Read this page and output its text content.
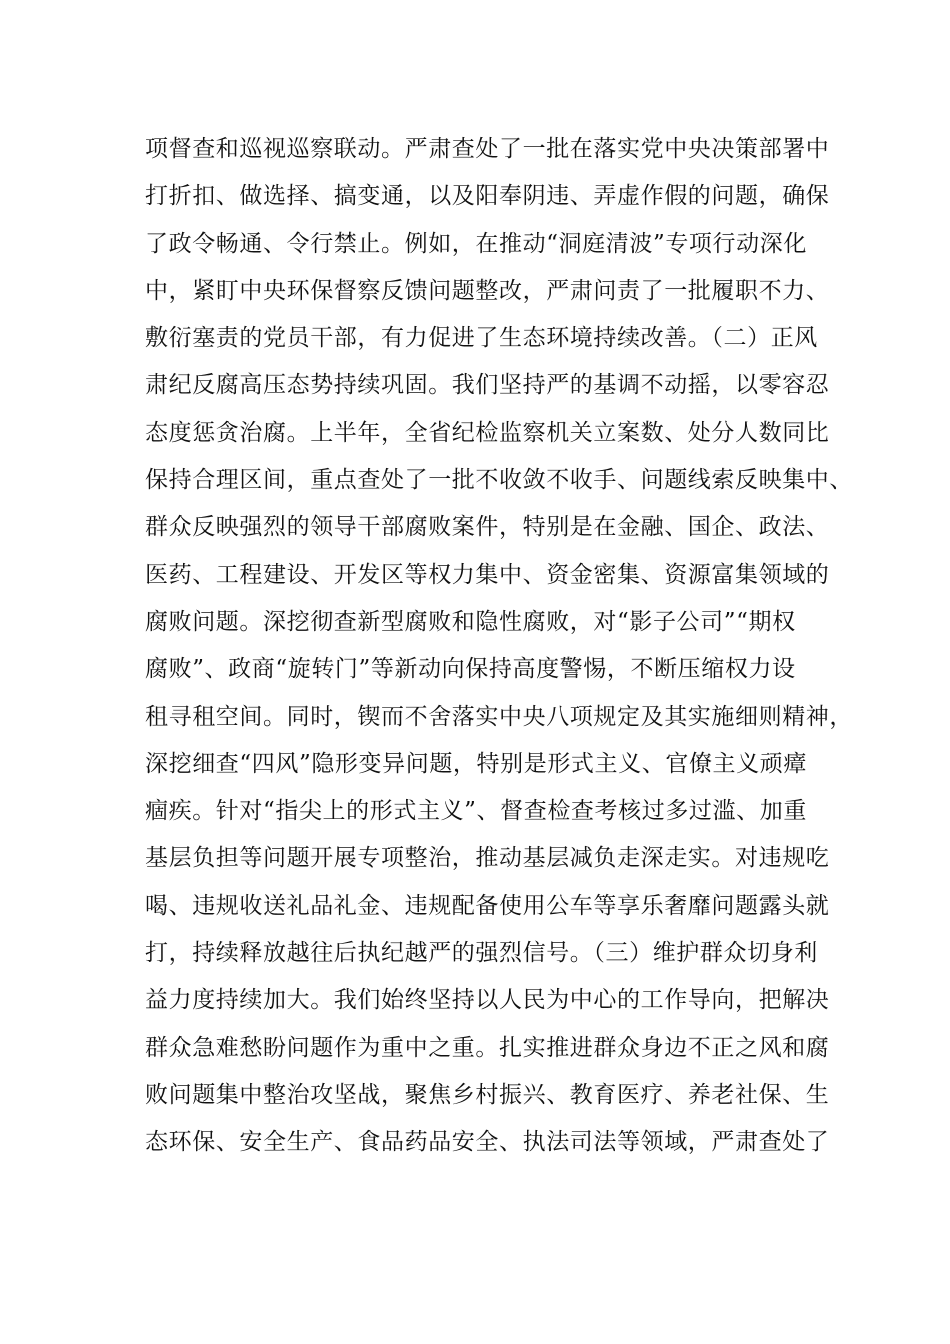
项督查和巡视巡察联动。严肃查处了一批在落实党中央决策部署中
打折扣、做选择、搞变通，以及阳奉阴违、弄虚作假的问题，确保
了政令畅通、令行禁止。例如，在推动“洞庭清波”专项行动深化
中，紧盯中央环保督察反馈问题整改，严肃问责了一批履职不力、
敷衍塞责的党员干部，有力促进了生态环境持续改善。（二）正风
肃纪反腐高压态势持续巩固。我们坚持严的基调不动摇，以零容忍
态度惩贪治腐。上半年，全省纪检监察机关立案数、处分人数同比
保持合理区间，重点查处了一批不收敛不收手、问题线索反映集中、
群众反映强烈的领导干部腐败案件，特别是在金融、国企、政法、
医药、工程建设、开发区等权力集中、资金密集、资源富集领域的
腐败问题。深挖彻查新型腐败和隐性腐败，对“影子公司”“期权
腐败”、政商“旋转门”等新动向保持高度警惕，不断压缩权力设
租寻租空间。同时，锲而不舍落实中央八项规定及其实施细则精神，
深挖细查“四风”隐形变异问题，特别是形式主义、官僚主义顽瘴
痼疾。针对“指尖上的形式主义”、督查检查考核过多过滥、加重
基层负担等问题开展专项整治，推动基层减负走深走实。对违规吃
喝、违规收送礼品礼金、违规配备使用公车等享乐奢靡问题露头就
打，持续释放越往后执纪越严的强烈信号。（三）维护群众切身利
益力度持续加大。我们始终坚持以人民为中心的工作导向，把解决
群众急难愁盼问题作为重中之重。扎实推进群众身边不正之风和腐
败问题集中整治攻坚战，聚焦乡村振兴、教育医疗、养老社保、生
态环保、安全生产、食品药品安全、执法司法等领域，严肃查处了
